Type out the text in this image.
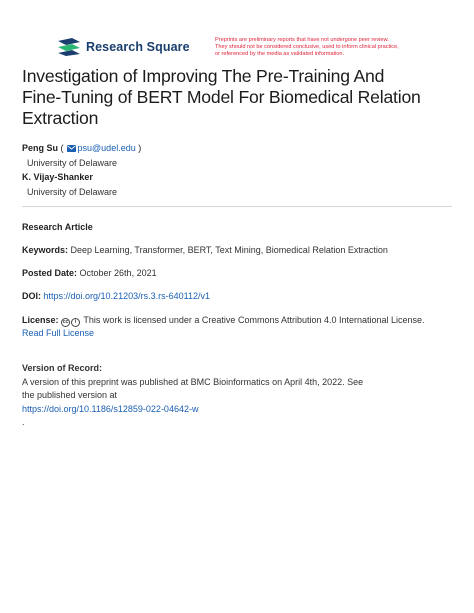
Research Square	Preprints are preliminary reports that have not undergone peer review.
They should not be considered conclusive, used to inform clinical practice,
or referenced by the media as validated information.
Investigation of Improving The Pre-Training And
Fine-Tuning of BERT Model For Biomedical Relation
Extraction
Peng Su ( psu@udel.edu )
University of Delaware
K. Vijay-Shanker
University of Delaware
Research Article
Keywords: Deep Learning, Transformer, BERT, Text Mining, Biomedical Relation Extraction
Posted Date: October 26th, 2021
DOI: https://doi.org/10.21203/rs.3.rs-640112/v1
License: cc i This work is licensed under a Creative Commons Attribution 4.0 International License.
Read Full License
Version of Record:
A version of this preprint was published at BMC Bioinformatics on April 4th, 2022. See
the published version at
https://doi.org/10.1186/s12859-022-04642-w
.
